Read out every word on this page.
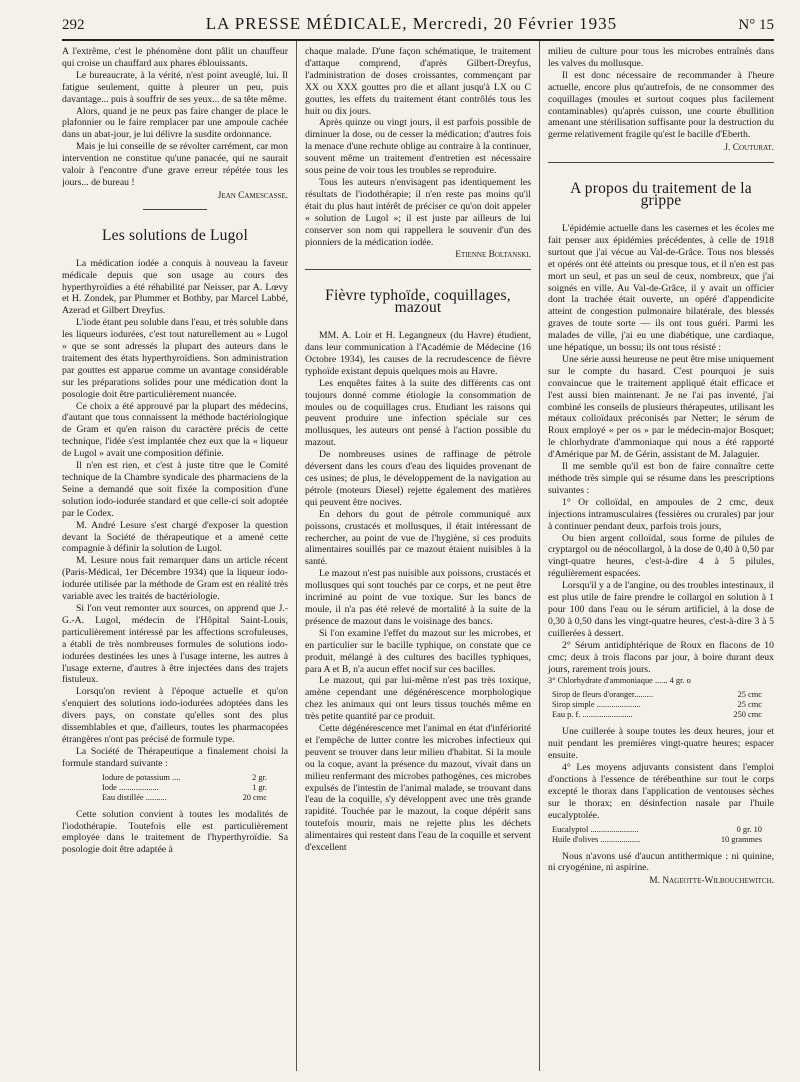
292	LA PRESSE MÉDICALE, Mercredi, 20 Février 1935	N° 15

A l'extrême, c'est le phénomène dont pâlit un chauffeur qui croise un chauffard aux phares éblouissants.

Le bureaucrate, à la vérité, n'est point aveuglé, lui. Il fatigue seulement, quitte à pleurer un peu, puis davantage... puis à souffrir de ses yeux... de sa tête même.

Alors, quand je ne peux pas faire changer de place le plafonnier ou le faire remplacer par une ampoule cachée dans un abat-jour, je lui délivre la susdite ordonnance.

Mais je lui conseille de se révolter carrément, car mon intervention ne constitue qu'une panacée, qui ne saurait valoir à l'encontre d'une grave erreur répétée tous les jours... de bureau !

Jean Camescasse.

Les solutions de Lugol

La médication iodée a conquis à nouveau la faveur médicale depuis que son usage au cours des hyperthyroïdies a été réhabilité par Neisser, par A. Lœvy et H. Zondek, par Plummer et Bothby, par Marcel Labbé, Azerad et Gilbert Dreyfus.

L'iode étant peu soluble dans l'eau, et très soluble dans les liqueurs iodurées, c'est tout naturellement au « Lugol » que se sont adressés la plupart des auteurs dans le traitement des états hyperthyroïdiens. Son administration par gouttes est apparue comme un avantage considérable sur les préparations solides pour une médication dont la posologie doit être particulièrement nuancée.

Ce choix a été approuvé par la plupart des médecins, d'autant que tous connaissent la méthode bactériologique de Gram et qu'en raison du caractère précis de cette technique, l'idée s'est implantée chez eux que la « liqueur de Lugol » avait une composition définie.

Il n'en est rien, et c'est à juste titre que le Comité technique de la Chambre syndicale des pharmaciens de la Seine a demandé que soit fixée la composition d'une solution iodo-iodurée standard et que celle-ci soit adoptée par le Codex.

M. André Lesure s'est chargé d'exposer la question devant la Société de thérapeutique et a amené cette compagnie à définir la solution de Lugol.

M. Lesure nous fait remarquer dans un article récent (Paris-Médical, 1er Décembre 1934) que la liqueur iodo-iodurée utilisée par la méthode de Gram est en réalité très variable avec les traités de bactériologie.

Si l'on veut remonter aux sources, on apprend que J.-G.-A. Lugol, médecin de l'Hôpital Saint-Louis, particulièrement intéressé par les affections scrofuleuses, a établi de très nombreuses formules de solutions iodo-iodurées destinées les unes à l'usage interne, les autres à l'usage externe, d'autres à être injectées dans des trajets fistuleux.

Lorsqu'on revient à l'époque actuelle et qu'on s'enquiert des solutions iodo-iodurées adoptées dans les divers pays, on constate qu'elles sont des plus dissemblables et que, d'ailleurs, toutes les pharmacopées étrangères n'ont pas précisé de formule type.

La Société de Thérapeutique a finalement choisi la formule standard suivante :

Iodure de potassium ....	2 gr.
Iode ...................	1 gr.
Eau distillée ..........	20 cmc

Cette solution convient à toutes les modalités de l'iodothérapie. Toutefois elle est particulièrement employée dans le traitement de l'hyperthyroïdie. Sa posologie doit être adaptée à

chaque malade. D'une façon schématique, le traitement d'attaque comprend, d'après Gilbert-Dreyfus, l'administration de doses croissantes, commençant par XX ou XXX gouttes pro die et allant jusqu'à LX ou C gouttes, les effets du traitement étant contrôlés tous les huit ou dix jours.

Après quinze ou vingt jours, il est parfois possible de diminuer la dose, ou de cesser la médication; d'autres fois la menace d'une rechute oblige au contraire à la continuer, souvent même un traitement d'entretien est nécessaire sous peine de voir tous les troubles se reproduire.

Tous les auteurs n'envisagent pas identiquement les résultats de l'iodothérapie; il n'en reste pas moins qu'il était du plus haut intérêt de préciser ce qu'on doit appeler « solution de Lugol »; il est juste par ailleurs de lui conserver son nom qui rappellera le souvenir d'un des pionniers de la médication iodée.

Etienne Boltanski.

Fièvre typhoïde, coquillages, mazout

MM. A. Loir et H. Legangneux (du Havre) étudient, dans leur communication à l'Académie de Médecine (16 Octobre 1934), les causes de la recrudescence de fièvre typhoïde existant depuis quelques mois au Havre.

Les enquêtes faites à la suite des différents cas ont toujours donné comme étiologie la consommation de moules ou de coquillages crus. Etudiant les raisons qui peuvent produire une infection spéciale sur ces mollusques, les auteurs ont pensé à l'action possible du mazout.

De nombreuses usines de raffinage de pétrole déversent dans les cours d'eau des liquides provenant de ces usines; de plus, le développement de la navigation au pétrole (moteurs Diesel) rejette également des matières qui peuvent être nocives.

En dehors du gout de pétrole communiqué aux poissons, crustacés et mollusques, il était intéressant de rechercher, au point de vue de l'hygiène, si ces produits alimentaires souillés par ce mazout étaient nuisibles à la santé.

Le mazout n'est pas nuisible aux poissons, crustacés et mollusques qui sont touchés par ce corps, et ne peut être incriminé au point de vue toxique. Sur les bancs de moule, il n'a pas été relevé de mortalité à la suite de la présence de mazout dans le voisinage des bancs.

Si l'on examine l'effet du mazout sur les microbes, et en particulier sur le bacille typhique, on constate que ce produit, mélangé à des cultures des bacilles typhiques, para A et B, n'a aucun effet nocif sur ces bacilles.

Le mazout, qui par lui-même n'est pas très toxique, amène cependant une dégénérescence morphologique chez les animaux qui ont leurs tissus touchés même en très petite quantité par ce produit.

Cette dégénérescence met l'animal en état d'infériorité et l'empêche de lutter contre les microbes infectieux qui peuvent se trouver dans leur milieu d'habitat. Si la moule ou la coque, avant la présence du mazout, vivait dans un milieu renfermant des microbes pathogènes, ces microbes expulsés de l'intestin de l'animal malade, se trouvant dans l'eau de la coquille, s'y développent avec une très grande rapidité. Touchée par le mazout, la coque dépérit sans toutefois mourir, mais ne rejette plus les déchets alimentaires qui restent dans l'eau de la coquille et servent d'excellent

milieu de culture pour tous les microbes entraînés dans les valves du mollusque.

Il est donc nécessaire de recommander à l'heure actuelle, encore plus qu'autrefois, de ne consommer des coquillages (moules et surtout coques plus facilement contaminables) qu'après cuisson, une courte ébullition amenant une stérilisation suffisante pour la destruction du germe relativement fragile qu'est le bacille d'Eberth.

J. Couturat.

A propos du traitement de la grippe

L'épidémie actuelle dans les casernes et les écoles me fait penser aux épidémies précédentes, à celle de 1918 surtout que j'ai vécue au Val-de-Grâce. Tous nos blessés et opérés ont été atteints ou presque tous, et il n'en est pas mort un seul, et pas un seul de ceux, nombreux, que j'ai soignés en ville. Au Val-de-Grâce, il y avait un officier dont la trachée était ouverte, un opéré d'appendicite atteint de congestion pulmonaire bilatérale, des blessés graves de toute sorte — ils ont tous guéri. Parmi les malades de ville, j'ai eu une diabétique, une cardiaque, une hépatique, un bossu; ils ont tous résisté :

Une série aussi heureuse ne peut être mise uniquement sur le compte du hasard. C'est pourquoi je suis convaincue que le traitement appliqué était efficace et l'est aussi bien maintenant. Je ne l'ai pas inventé, j'ai combiné les conseils de plusieurs thérapeutes, utilisant les métaux colloïdaux préconisés par Netter; le sérum de Roux employé « per os » par le médecin-major Bosquet; le chlorhydrate d'ammoniaque qui nous a été rapporté d'Amérique par M. de Gérin, assistant de M. Jalaguier.

Il me semble qu'il est bon de faire connaître cette méthode très simple qui se résume dans les prescriptions suivantes :

1° Or colloïdal, en ampoules de 2 cmc, deux injections intramusculaires (fessières ou crurales) par jour à continuer pendant deux, parfois trois jours,

Ou bien argent colloïdal, sous forme de pilules de cryptargol ou de néocollargol, à la dose de 0,40 à 0,50 par vingt-quatre heures, c'est-à-dire 4 à 5 pilules, régulièrement espacées.

Lorsqu'il y a de l'angine, ou des troubles intestinaux, il est plus utile de faire prendre le collargol en solution à 1 pour 100 dans l'eau ou le sérum artificiel, à la dose de 0,30 à 0,50 dans les vingt-quatre heures, c'est-à-dire 3 à 5 cuillerées à dessert.

2° Sérum antidiphtérique de Roux en flacons de 10 cmc; deux à trois flacons par jour, à boire durant deux jours, rarement trois jours.

3° Chlorhydrate d'ammoniaque ...... 4 gr. o

Sirop de fleurs d'oranger.........	25 cmc
Sirop simple .....................	25 cmc
Eau p. f. ........................	250 cmc

Une cuillerée à soupe toutes les deux heures, jour et nuit pendant les premières vingt-quatre heures; espacer ensuite.

4° Les moyens adjuvants consistent dans l'emploi d'onctions à l'essence de térébenthine sur tout le corps excepté le thorax dans l'application de ventouses sèches sur le thorax; en désinfection nasale par l'huile eucalyptolée.

Eucalyptol .......................	0 gr. 10
Huile d'olives ...................	10 grammes

Nous n'avons usé d'aucun antithermique : ni quinine, ni cryogénine, ni aspirine.

M. Nageotte-Wilbouchewitch.
